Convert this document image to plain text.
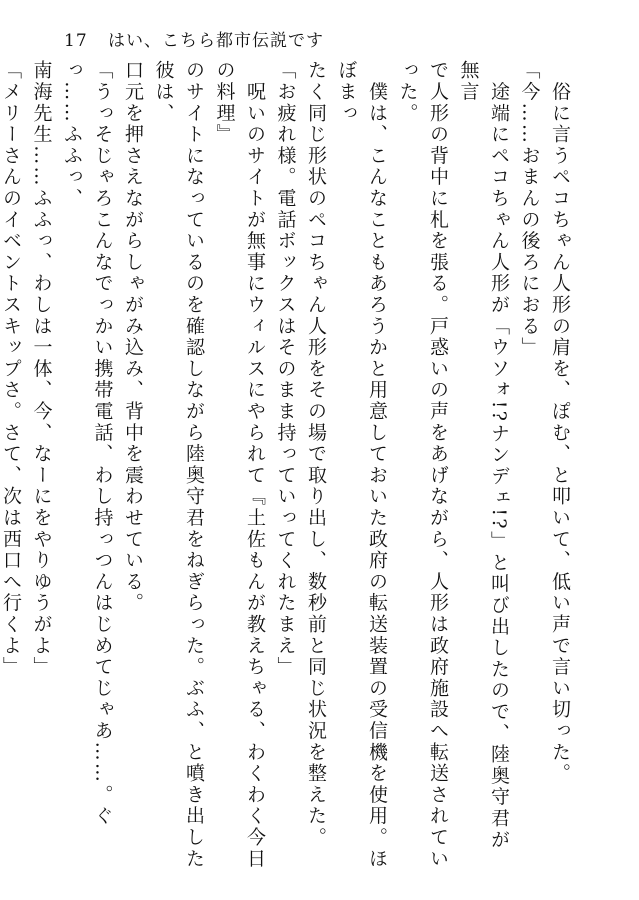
17 はい、こちら都市伝説です

　俗に言うペコちゃん人形の肩を、ぽむ、と叩いて、低い声で言い切った。

「今……おまんの後ろにおる」

　途端にペコちゃん人形が「ウソォ!?ナンデェ!?」と叫び出したので、陸奥守君が無言

で人形の背中に札を張る。戸惑いの声をあげながら、人形は政府施設へ転送されていった。

　僕は、こんなこともあろうかと用意しておいた政府の転送装置の受信機を使用。ほぼまっ

たく同じ形状のペコちゃん人形をその場で取り出し、数秒前と同じ状況を整えた。

「お疲れ様。電話ボックスはそのまま持っていってくれたまえ」

　呪いのサイトが無事にウィルスにやられて『土佐もんが教えちゃる、わくわく今日の料理』

のサイトになっているのを確認しながら陸奥守君をねぎらった。ぶふ、と噴き出した彼は、

口元を押さえながらしゃがみ込み、背中を震わせている。

「うっそじゃろこんなでっかい携帯電話、わし持っつんはじめてじゃあ……。ぐっ……ふふっ、

南海先生……ふふっ、わしは一体、今、なーにをやりゆうがよ」

「メリーさんのイベントスキップさ。さて、次は西口へ行くよ」
